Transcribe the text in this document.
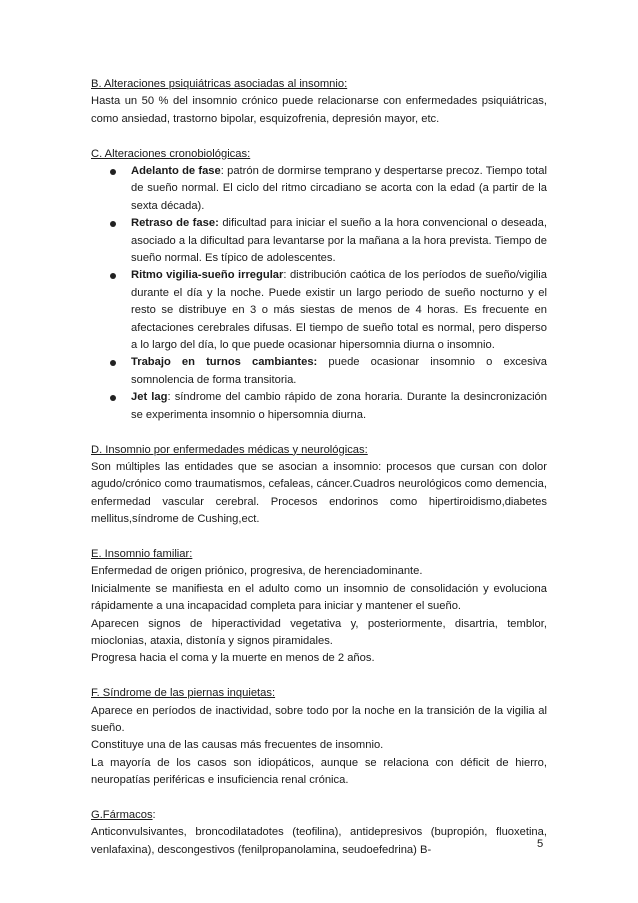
B. Alteraciones psiquiátricas asociadas al insomnio:

Hasta un 50 % del insomnio crónico puede relacionarse con enfermedades psiquiátricas, como ansiedad, trastorno bipolar, esquizofrenia, depresión mayor, etc.

C. Alteraciones cronobiológicas:

Adelanto de fase: patrón de dormirse temprano y despertarse precoz. Tiempo total de sueño normal. El ciclo del ritmo circadiano se acorta con la edad (a partir de la sexta década).
Retraso de fase: dificultad para iniciar el sueño a la hora convencional o deseada, asociado a la dificultad para levantarse por la mañana a la hora prevista. Tiempo de sueño normal. Es típico de adolescentes.
Ritmo vigilia-sueño irregular: distribución caótica de los períodos de sueño/vigilia durante el día y la noche. Puede existir un largo periodo de sueño nocturno y el resto se distribuye en 3 o más siestas de menos de 4 horas. Es frecuente en afectaciones cerebrales difusas. El tiempo de sueño total es normal, pero disperso a lo largo del día, lo que puede ocasionar hipersomnia diurna o insomnio.
Trabajo en turnos cambiantes: puede ocasionar insomnio o excesiva somnolencia de forma transitoria.
Jet lag: síndrome del cambio rápido de zona horaria. Durante la desincronización se experimenta insomnio o hipersomnia diurna.

D. Insomnio por enfermedades médicas y neurológicas:

Son múltiples las entidades que se asocian a insomnio: procesos que cursan con dolor agudo/crónico como traumatismos, cefaleas, cáncer.Cuadros neurológicos como demencia, enfermedad vascular cerebral. Procesos endorinos como hipertiroidismo,diabetes mellitus,síndrome de Cushing,ect.

E. Insomnio familiar:

Enfermedad de origen priónico, progresiva, de herenciadominante.

Inicialmente se manifiesta en el adulto como un insomnio de consolidación y evoluciona rápidamente a una incapacidad completa para iniciar y mantener el sueño.

Aparecen signos de hiperactividad vegetativa y, posteriormente, disartria, temblor, mioclonias, ataxia, distonía y signos piramidales.

Progresa hacia el coma y la muerte en menos de 2 años.

F. Síndrome de las piernas inquietas:

Aparece en períodos de inactividad, sobre todo por la noche en la transición de la vigilia al sueño.

Constituye una de las causas más frecuentes de insomnio.

La mayoría de los casos son idiopáticos, aunque se relaciona con déficit de hierro, neuropatías periféricas e insuficiencia renal crónica.

G.Fármacos:

Anticonvulsivantes, broncodilatadotes (teofilina), antidepresivos (bupropión, fluoxetina, venlafaxina), descongestivos (fenilpropanolamina, seudoefedrina) B-	5
